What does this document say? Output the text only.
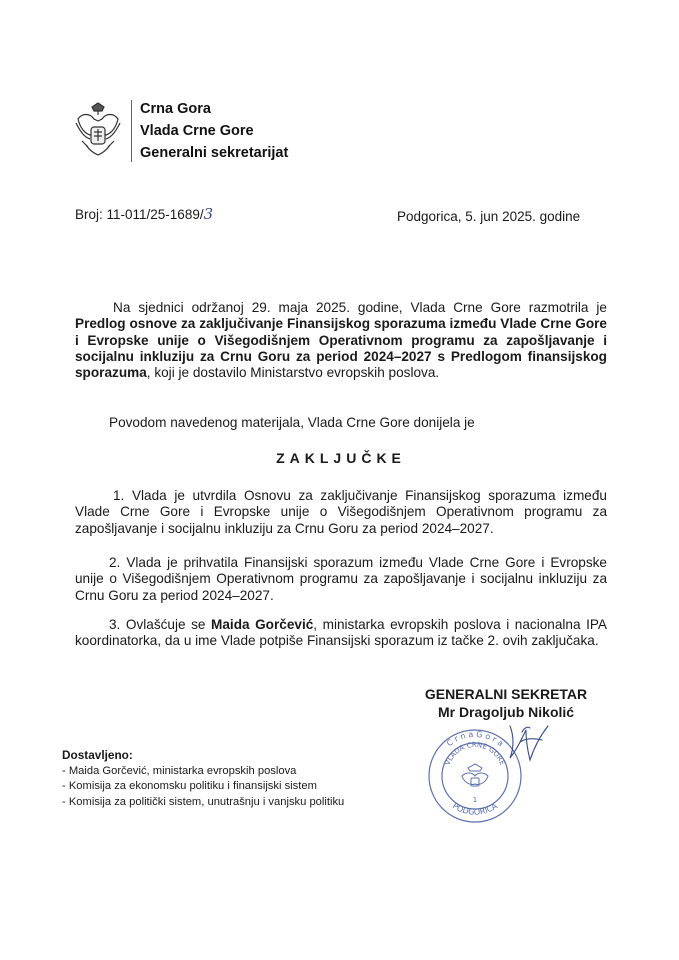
Crna Gora
Vlada Crne Gore
Generalni sekretarijat
Broj: 11-011/25-1689/3	Podgorica, 5. jun 2025. godine
Na sjednici održanoj 29. maja 2025. godine, Vlada Crne Gore razmotrila je Predlog osnove za zaključivanje Finansijskog sporazuma između Vlade Crne Gore i Evropske unije o Višegodišnjem Operativnom programu za zapošljavanje i socijalnu inkluziju za Crnu Goru za period 2024–2027 s Predlogom finansijskog sporazuma, koji je dostavilo Ministarstvo evropskih poslova.
Povodom navedenog materijala, Vlada Crne Gore donijela je
ZAKLJUČKE
1. Vlada je utvrdila Osnovu za zaključivanje Finansijskog sporazuma između Vlade Crne Gore i Evropske unije o Višegodišnjem Operativnom programu za zapošljavanje i socijalnu inkluziju za Crnu Goru za period 2024–2027.
2. Vlada je prihvatila Finansijski sporazum između Vlade Crne Gore i Evropske unije o Višegodišnjem Operativnom programu za zapošljavanje i socijalnu inkluziju za Crnu Goru za period 2024–2027.
3. Ovlašćuje se Maida Gorčević, ministarka evropskih poslova i nacionalna IPA koordinatorka, da u ime Vlade potpiše Finansijski sporazum iz tačke 2. ovih zaključaka.
GENERALNI SEKRETAR
Mr Dragoljub Nikolić
C r n a G o r a
VLADA CRNE GORE
PODGORICA
1
Dostavljeno:
- Maida Gorčević, ministarka evropskih poslova
- Komisija za ekonomsku politiku i finansijski sistem
- Komisija za politički sistem, unutrašnju i vanjsku politiku
